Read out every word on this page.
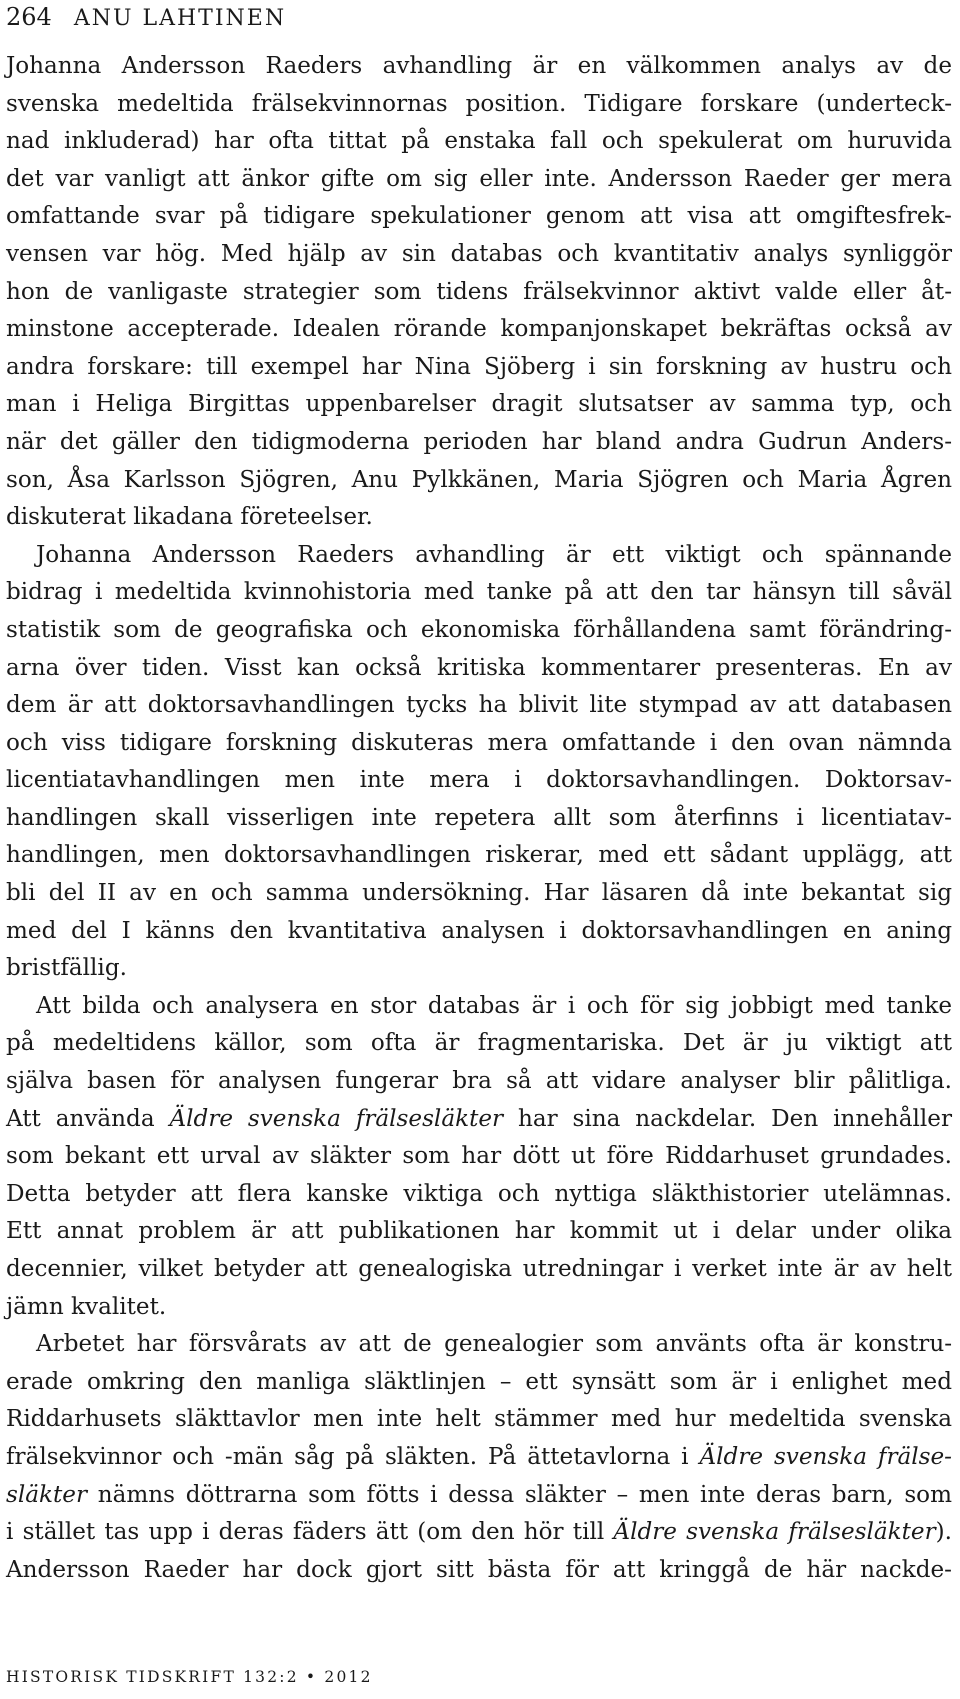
264 ANU LAHTINEN
Johanna Andersson Raeders avhandling är en välkommen analys av de
svenska medeltida frälsekvinnornas position. Tidigare forskare (underteck-
nad inkluderad) har ofta tittat på enstaka fall och spekulerat om huruvida
det var vanligt att änkor gifte om sig eller inte. Andersson Raeder ger mera
omfattande svar på tidigare spekulationer genom att visa att omgiftesfrek-
vensen var hög. Med hjälp av sin databas och kvantitativ analys synliggör
hon de vanligaste strategier som tidens frälsekvinnor aktivt valde eller åt-
minstone accepterade. Idealen rörande kompanjonskapet bekräftas också av
andra forskare: till exempel har Nina Sjöberg i sin forskning av hustru och
man i Heliga Birgittas uppenbarelser dragit slutsatser av samma typ, och
när det gäller den tidigmoderna perioden har bland andra Gudrun Anders-
son, Åsa Karlsson Sjögren, Anu Pylkkänen, Maria Sjögren och Maria Ågren
diskuterat likadana företeelser.
Johanna Andersson Raeders avhandling är ett viktigt och spännande
bidrag i medeltida kvinnohistoria med tanke på att den tar hänsyn till såväl
statistik som de geografiska och ekonomiska förhållandena samt förändring-
arna över tiden. Visst kan också kritiska kommentarer presenteras. En av
dem är att doktorsavhandlingen tycks ha blivit lite stympad av att databasen
och viss tidigare forskning diskuteras mera omfattande i den ovan nämnda
licentiatavhandlingen men inte mera i doktorsavhandlingen. Doktorsav-
handlingen skall visserligen inte repetera allt som återfinns i licentiatav-
handlingen, men doktorsavhandlingen riskerar, med ett sådant upplägg, att
bli del II av en och samma undersökning. Har läsaren då inte bekantat sig
med del I känns den kvantitativa analysen i doktorsavhandlingen en aning
bristfällig.
Att bilda och analysera en stor databas är i och för sig jobbigt med tanke
på medeltidens källor, som ofta är fragmentariska. Det är ju viktigt att
själva basen för analysen fungerar bra så att vidare analyser blir pålitliga.
Att använda Äldre svenska frälsesläkter har sina nackdelar. Den innehåller
som bekant ett urval av släkter som har dött ut före Riddarhuset grundades.
Detta betyder att flera kanske viktiga och nyttiga släkthistorier utelämnas.
Ett annat problem är att publikationen har kommit ut i delar under olika
decennier, vilket betyder att genealogiska utredningar i verket inte är av helt
jämn kvalitet.
Arbetet har försvårats av att de genealogier som använts ofta är konstru-
erade omkring den manliga släktlinjen – ett synsätt som är i enlighet med
Riddarhusets släkttavlor men inte helt stämmer med hur medeltida svenska
frälsekvinnor och -män såg på släkten. På ättetavlorna i Äldre svenska frälse-
släkter nämns döttrarna som fötts i dessa släkter – men inte deras barn, som
i stället tas upp i deras fäders ätt (om den hör till Äldre svenska frälsesläkter).
Andersson Raeder har dock gjort sitt bästa för att kringgå de här nackde-
HISTORISK TIDSKRIFT 132:2 • 2012
